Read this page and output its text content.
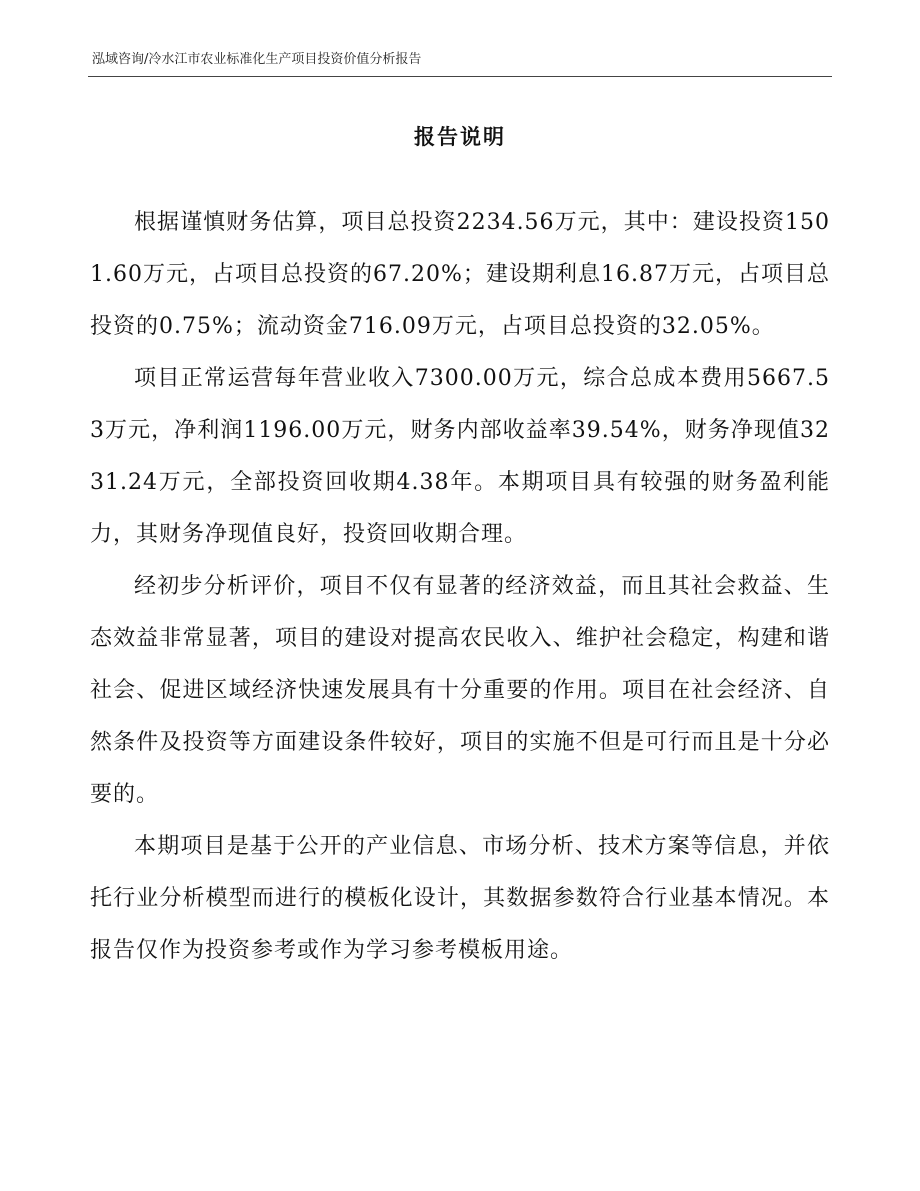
泓域咨询/冷水江市农业标准化生产项目投资价值分析报告
报告说明

根据谨慎财务估算，项目总投资2234.56万元，其中：建设投资1501.60万元，占项目总投资的67.20%；建设期利息16.87万元，占项目总投资的0.75%；流动资金716.09万元，占项目总投资的32.05%。

项目正常运营每年营业收入7300.00万元，综合总成本费用5667.53万元，净利润1196.00万元，财务内部收益率39.54%，财务净现值3231.24万元，全部投资回收期4.38年。本期项目具有较强的财务盈利能力，其财务净现值良好，投资回收期合理。

经初步分析评价，项目不仅有显著的经济效益，而且其社会救益、生态效益非常显著，项目的建设对提高农民收入、维护社会稳定，构建和谐社会、促进区域经济快速发展具有十分重要的作用。项目在社会经济、自然条件及投资等方面建设条件较好，项目的实施不但是可行而且是十分必要的。

本期项目是基于公开的产业信息、市场分析、技术方案等信息，并依托行业分析模型而进行的模板化设计，其数据参数符合行业基本情况。本报告仅作为投资参考或作为学习参考模板用途。
